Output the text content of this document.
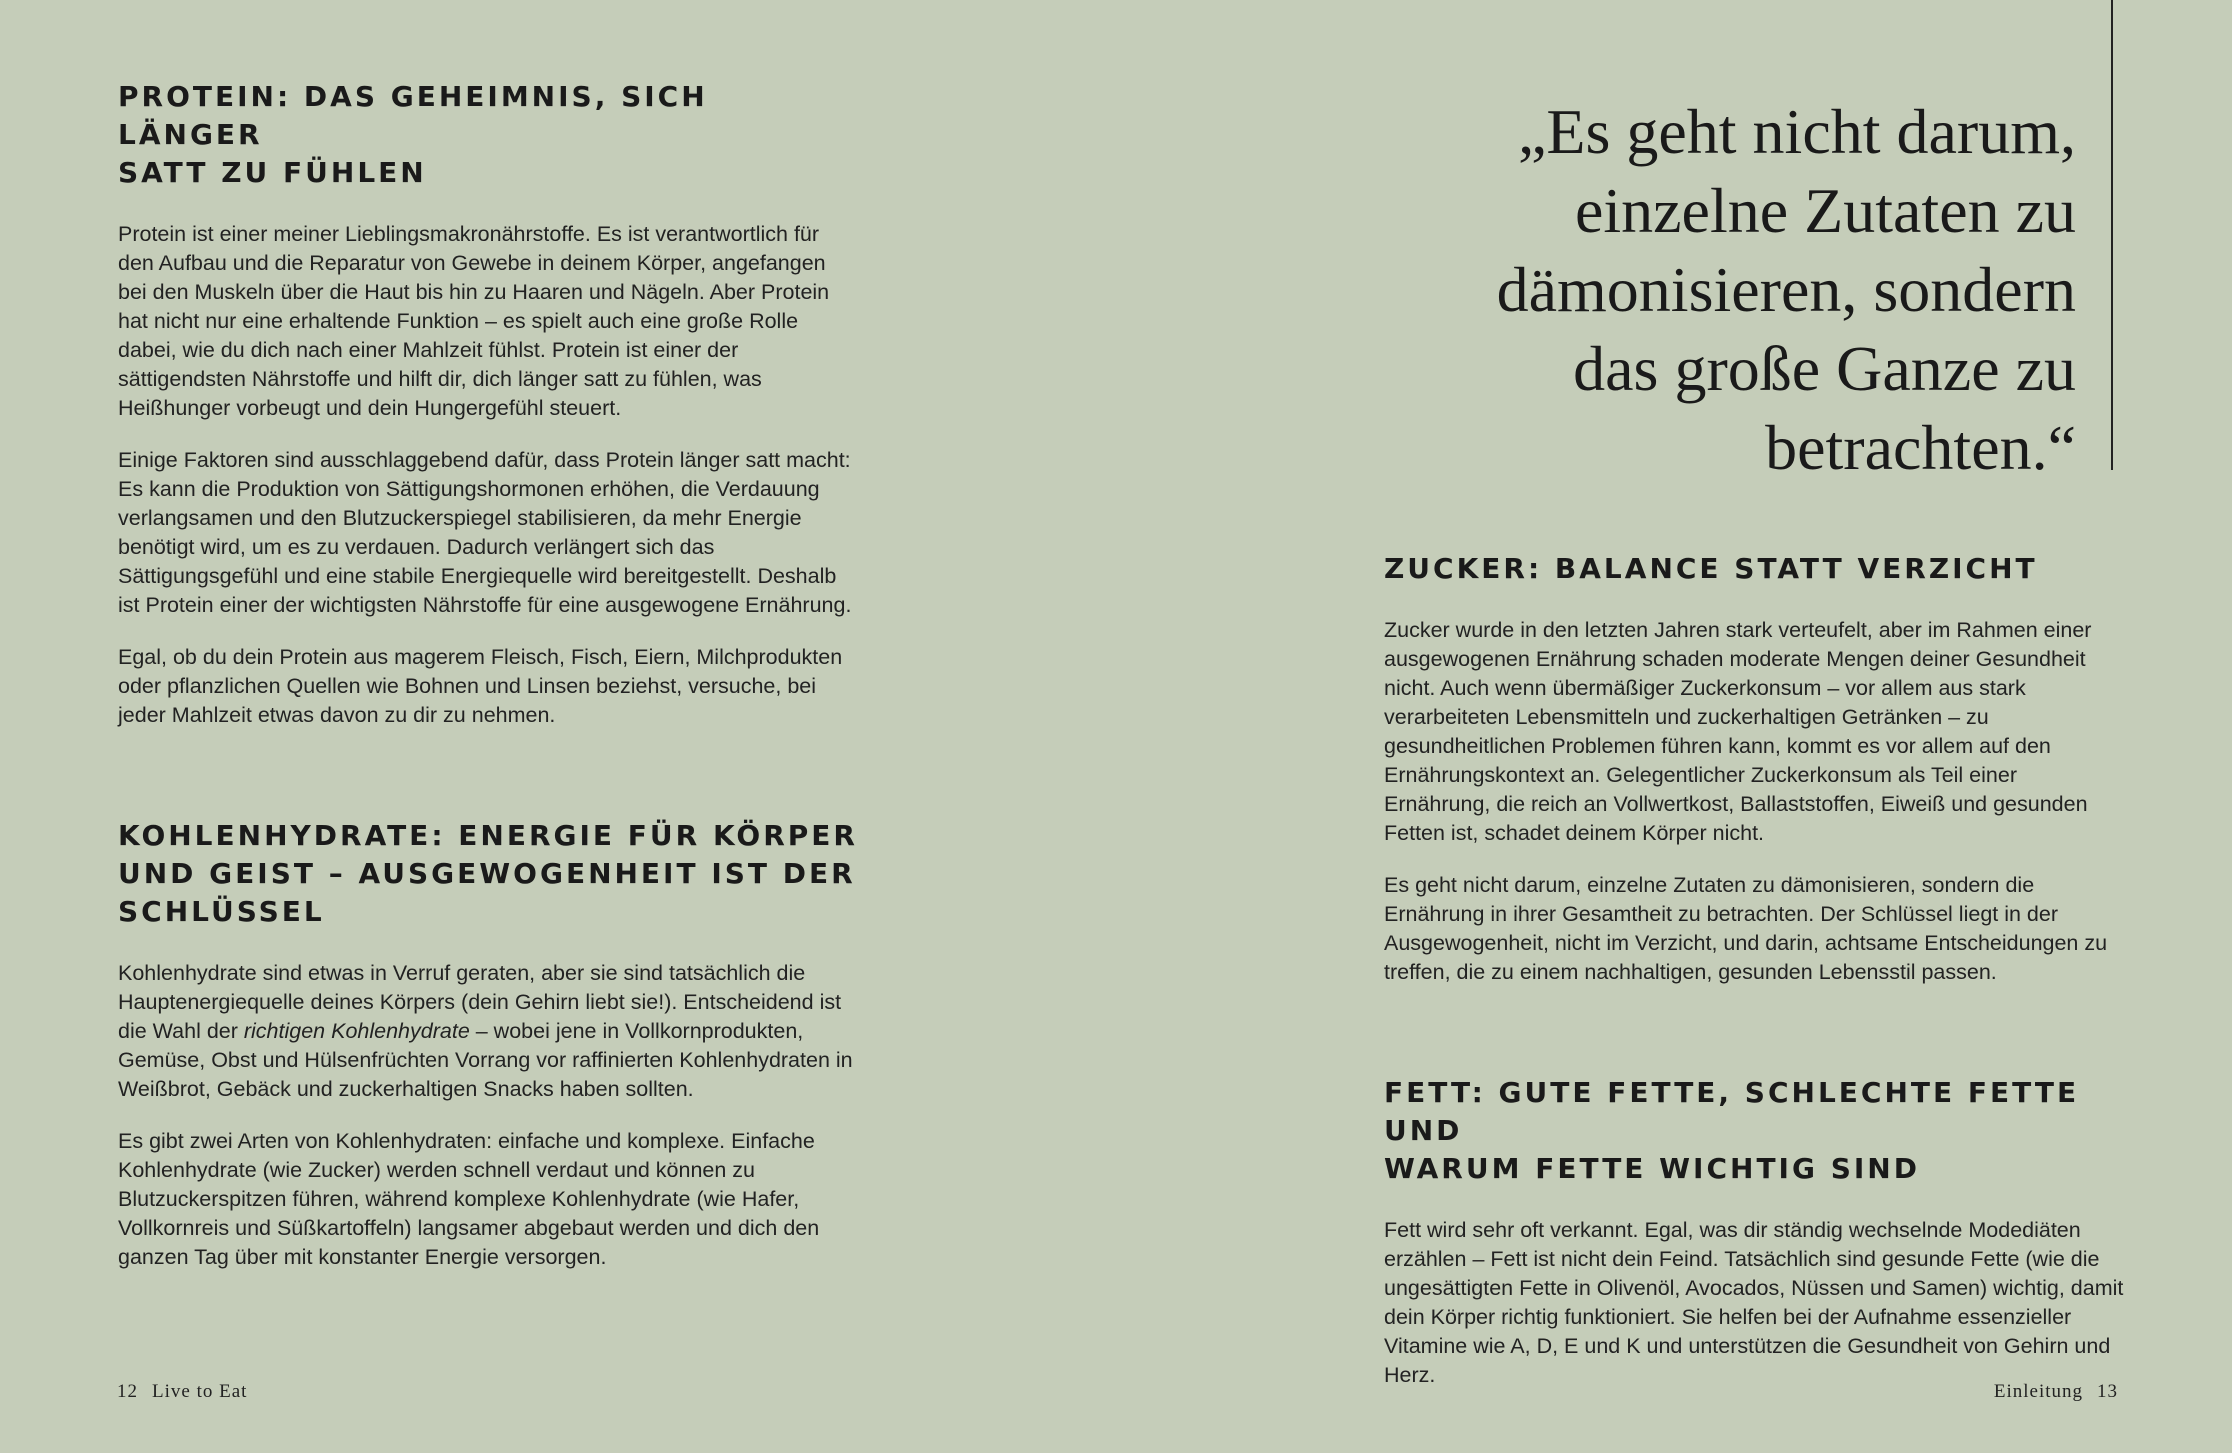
PROTEIN: DAS GEHEIMNIS, SICH LÄNGER
SATT ZU FÜHLEN

Protein ist einer meiner Lieblingsmakronährstoffe. Es ist verantwortlich für den Aufbau und die Reparatur von Gewebe in deinem Körper, angefangen bei den Muskeln über die Haut bis hin zu Haaren und Nägeln. Aber Protein hat nicht nur eine erhaltende Funktion – es spielt auch eine große Rolle dabei, wie du dich nach einer Mahlzeit fühlst. Protein ist einer der sättigendsten Nährstoffe und hilft dir, dich länger satt zu fühlen, was Heißhunger vorbeugt und dein Hungergefühl steuert.

Einige Faktoren sind ausschlaggebend dafür, dass Protein länger satt macht: Es kann die Produktion von Sättigungshormonen erhöhen, die Verdauung verlangsamen und den Blutzuckerspiegel stabilisieren, da mehr Energie benötigt wird, um es zu verdauen. Dadurch verlängert sich das Sättigungsgefühl und eine stabile Energiequelle wird bereitgestellt. Deshalb ist Protein einer der wichtigsten Nährstoffe für eine ausgewogene Ernährung.

Egal, ob du dein Protein aus magerem Fleisch, Fisch, Eiern, Milchprodukten oder pflanzlichen Quellen wie Bohnen und Linsen beziehst, versuche, bei jeder Mahlzeit etwas davon zu dir zu nehmen.

KOHLENHYDRATE: ENERGIE FÜR KÖRPER
UND GEIST – AUSGEWOGENHEIT IST DER
SCHLÜSSEL

Kohlenhydrate sind etwas in Verruf geraten, aber sie sind tatsächlich die Hauptenergiequelle deines Körpers (dein Gehirn liebt sie!). Entscheidend ist die Wahl der richtigen Kohlenhydrate – wobei jene in Vollkornprodukten, Gemüse, Obst und Hülsenfrüchten Vorrang vor raffinierten Kohlenhydraten in Weißbrot, Gebäck und zuckerhaltigen Snacks haben sollten.

Es gibt zwei Arten von Kohlenhydraten: einfache und komplexe. Einfache Kohlenhydrate (wie Zucker) werden schnell verdaut und können zu Blutzuckerspitzen führen, während komplexe Kohlenhydrate (wie Hafer, Vollkornreis und Süßkartoffeln) langsamer abgebaut werden und dich den ganzen Tag über mit konstanter Energie versorgen.

„Es geht nicht darum,
einzelne Zutaten zu
dämonisieren, sondern
das große Ganze zu
betrachten.“
ZUCKER: BALANCE STATT VERZICHT

Zucker wurde in den letzten Jahren stark verteufelt, aber im Rahmen einer ausgewogenen Ernährung schaden moderate Mengen deiner Gesundheit nicht. Auch wenn übermäßiger Zuckerkonsum – vor allem aus stark verarbeiteten Lebensmitteln und zuckerhaltigen Getränken – zu gesundheitlichen Problemen führen kann, kommt es vor allem auf den Ernährungskontext an. Gelegentlicher Zuckerkonsum als Teil einer Ernährung, die reich an Vollwertkost, Ballaststoffen, Eiweiß und gesunden Fetten ist, schadet deinem Körper nicht.

Es geht nicht darum, einzelne Zutaten zu dämonisieren, sondern die Ernährung in ihrer Gesamtheit zu betrachten. Der Schlüssel liegt in der Ausgewogenheit, nicht im Verzicht, und darin, achtsame Entscheidungen zu treffen, die zu einem nachhaltigen, gesunden Lebensstil passen.

FETT: GUTE FETTE, SCHLECHTE FETTE UND
WARUM FETTE WICHTIG SIND

Fett wird sehr oft verkannt. Egal, was dir ständig wechselnde Modediäten erzählen – Fett ist nicht dein Feind. Tatsächlich sind gesunde Fette (wie die ungesättigten Fette in Olivenöl, Avocados, Nüssen und Samen) wichtig, damit dein Körper richtig funktioniert. Sie helfen bei der Aufnahme essenzieller Vitamine wie A, D, E und K und unterstützen die Gesundheit von Gehirn und Herz.

12 Live to Eat	Einleitung 13
